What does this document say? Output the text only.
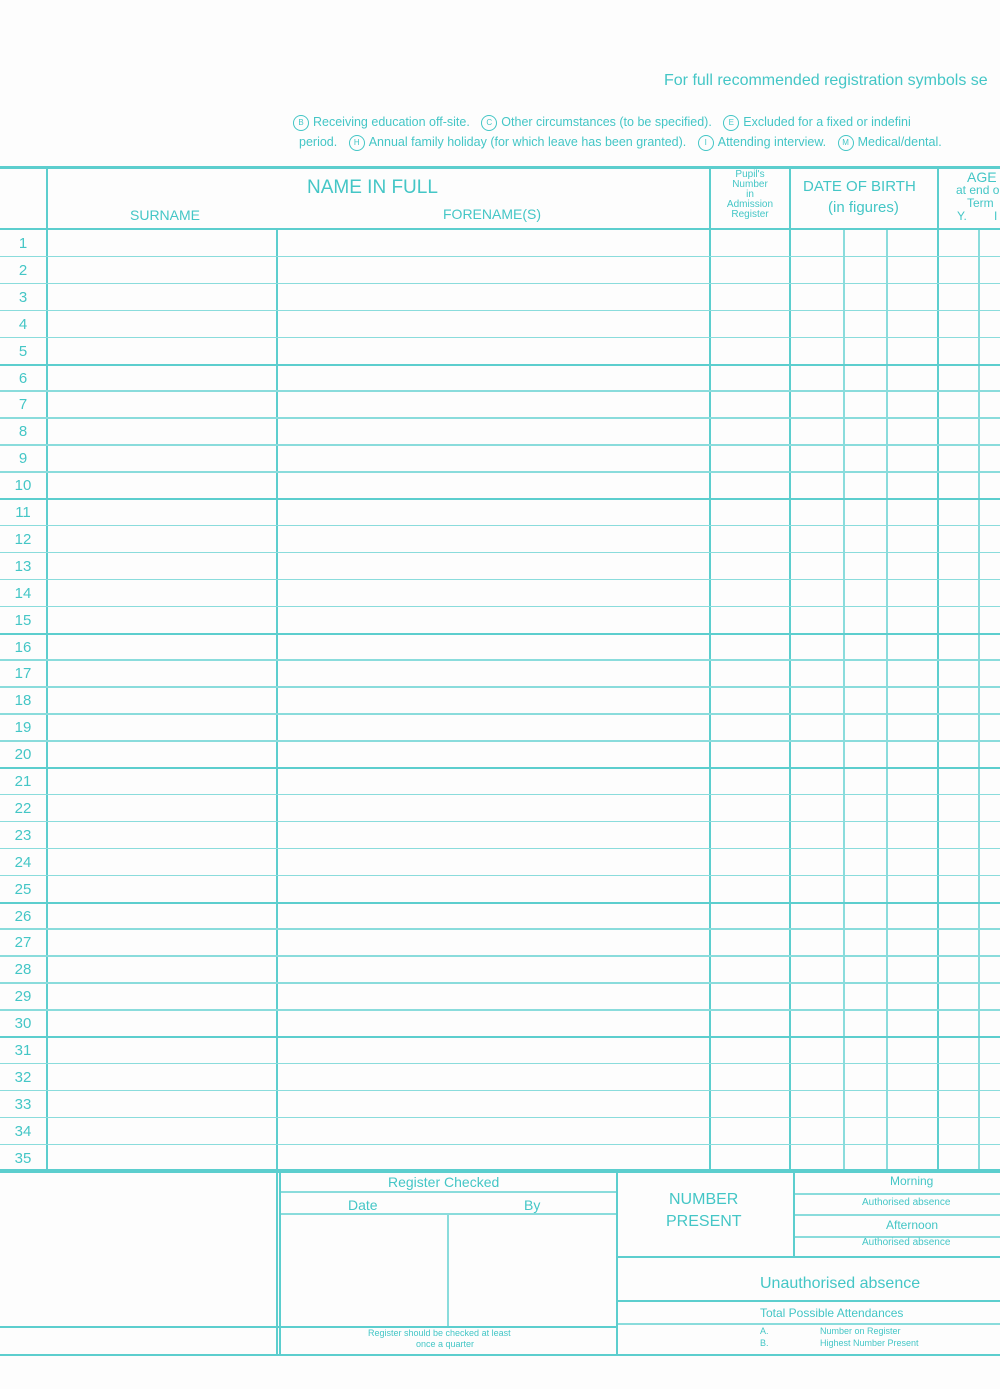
For full recommended registration symbols se
B Receiving education off-site. C Other circumstances (to be specified). E Excluded for a fixed or indefini
period. H Annual family holiday (for which leave has been granted). I Attending interview. M Medical/dental.
NAME IN FULL
SURNAME	FORENAME(S)
Pupil's
Number
in
Admission
Register
DATE OF BIRTH
(in figures)
AGE
at end o
Term
Y. I
1
2
3
4
5
6
7
8
9
10
11
12
13
14
15
16
17
18
19
20
21
22
23
24
25
26
27
28
29
30
31
32
33
34
35
Register Checked
Date	By
Register should be checked at least
once a quarter
NUMBER
PRESENT
Morning
Authorised absence
Afternoon
Authorised absence
Unauthorised absence
Total Possible Attendances
A.	Number on Register
B.	Highest Number Present
